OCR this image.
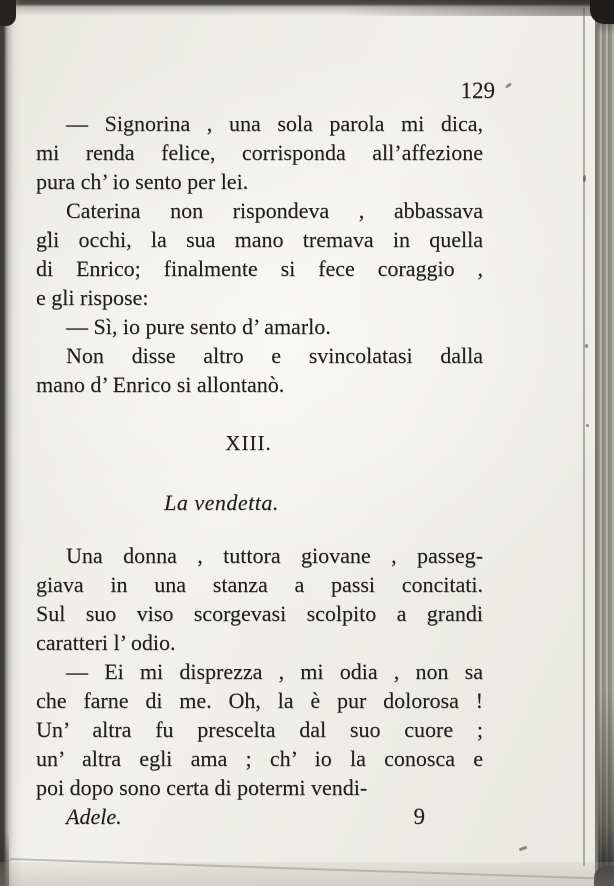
129
— Signorina , una sola parola mi dica,
mi renda felice, corrisponda all’affezione
pura ch’ io sento per lei.
Caterina non rispondeva , abbassava
gli occhi, la sua mano tremava in quella
di Enrico; finalmente si fece coraggio ,
e gli rispose:
— Sì, io pure sento d’ amarlo.
Non disse altro e svincolatasi dalla
mano d’ Enrico si allontanò.
XIII.
La vendetta.
Una donna , tuttora giovane , passeg-
giava in una stanza a passi concitati.
Sul suo viso scorgevasi scolpito a grandi
caratteri l’ odio.
— Ei mi disprezza , mi odia , non sa
che farne di me. Oh, la è pur dolorosa !
Un’ altra fu prescelta dal suo cuore ;
un’ altra egli ama ; ch’ io la conosca e
poi dopo sono certa di potermi vendi-
Adele.	9
